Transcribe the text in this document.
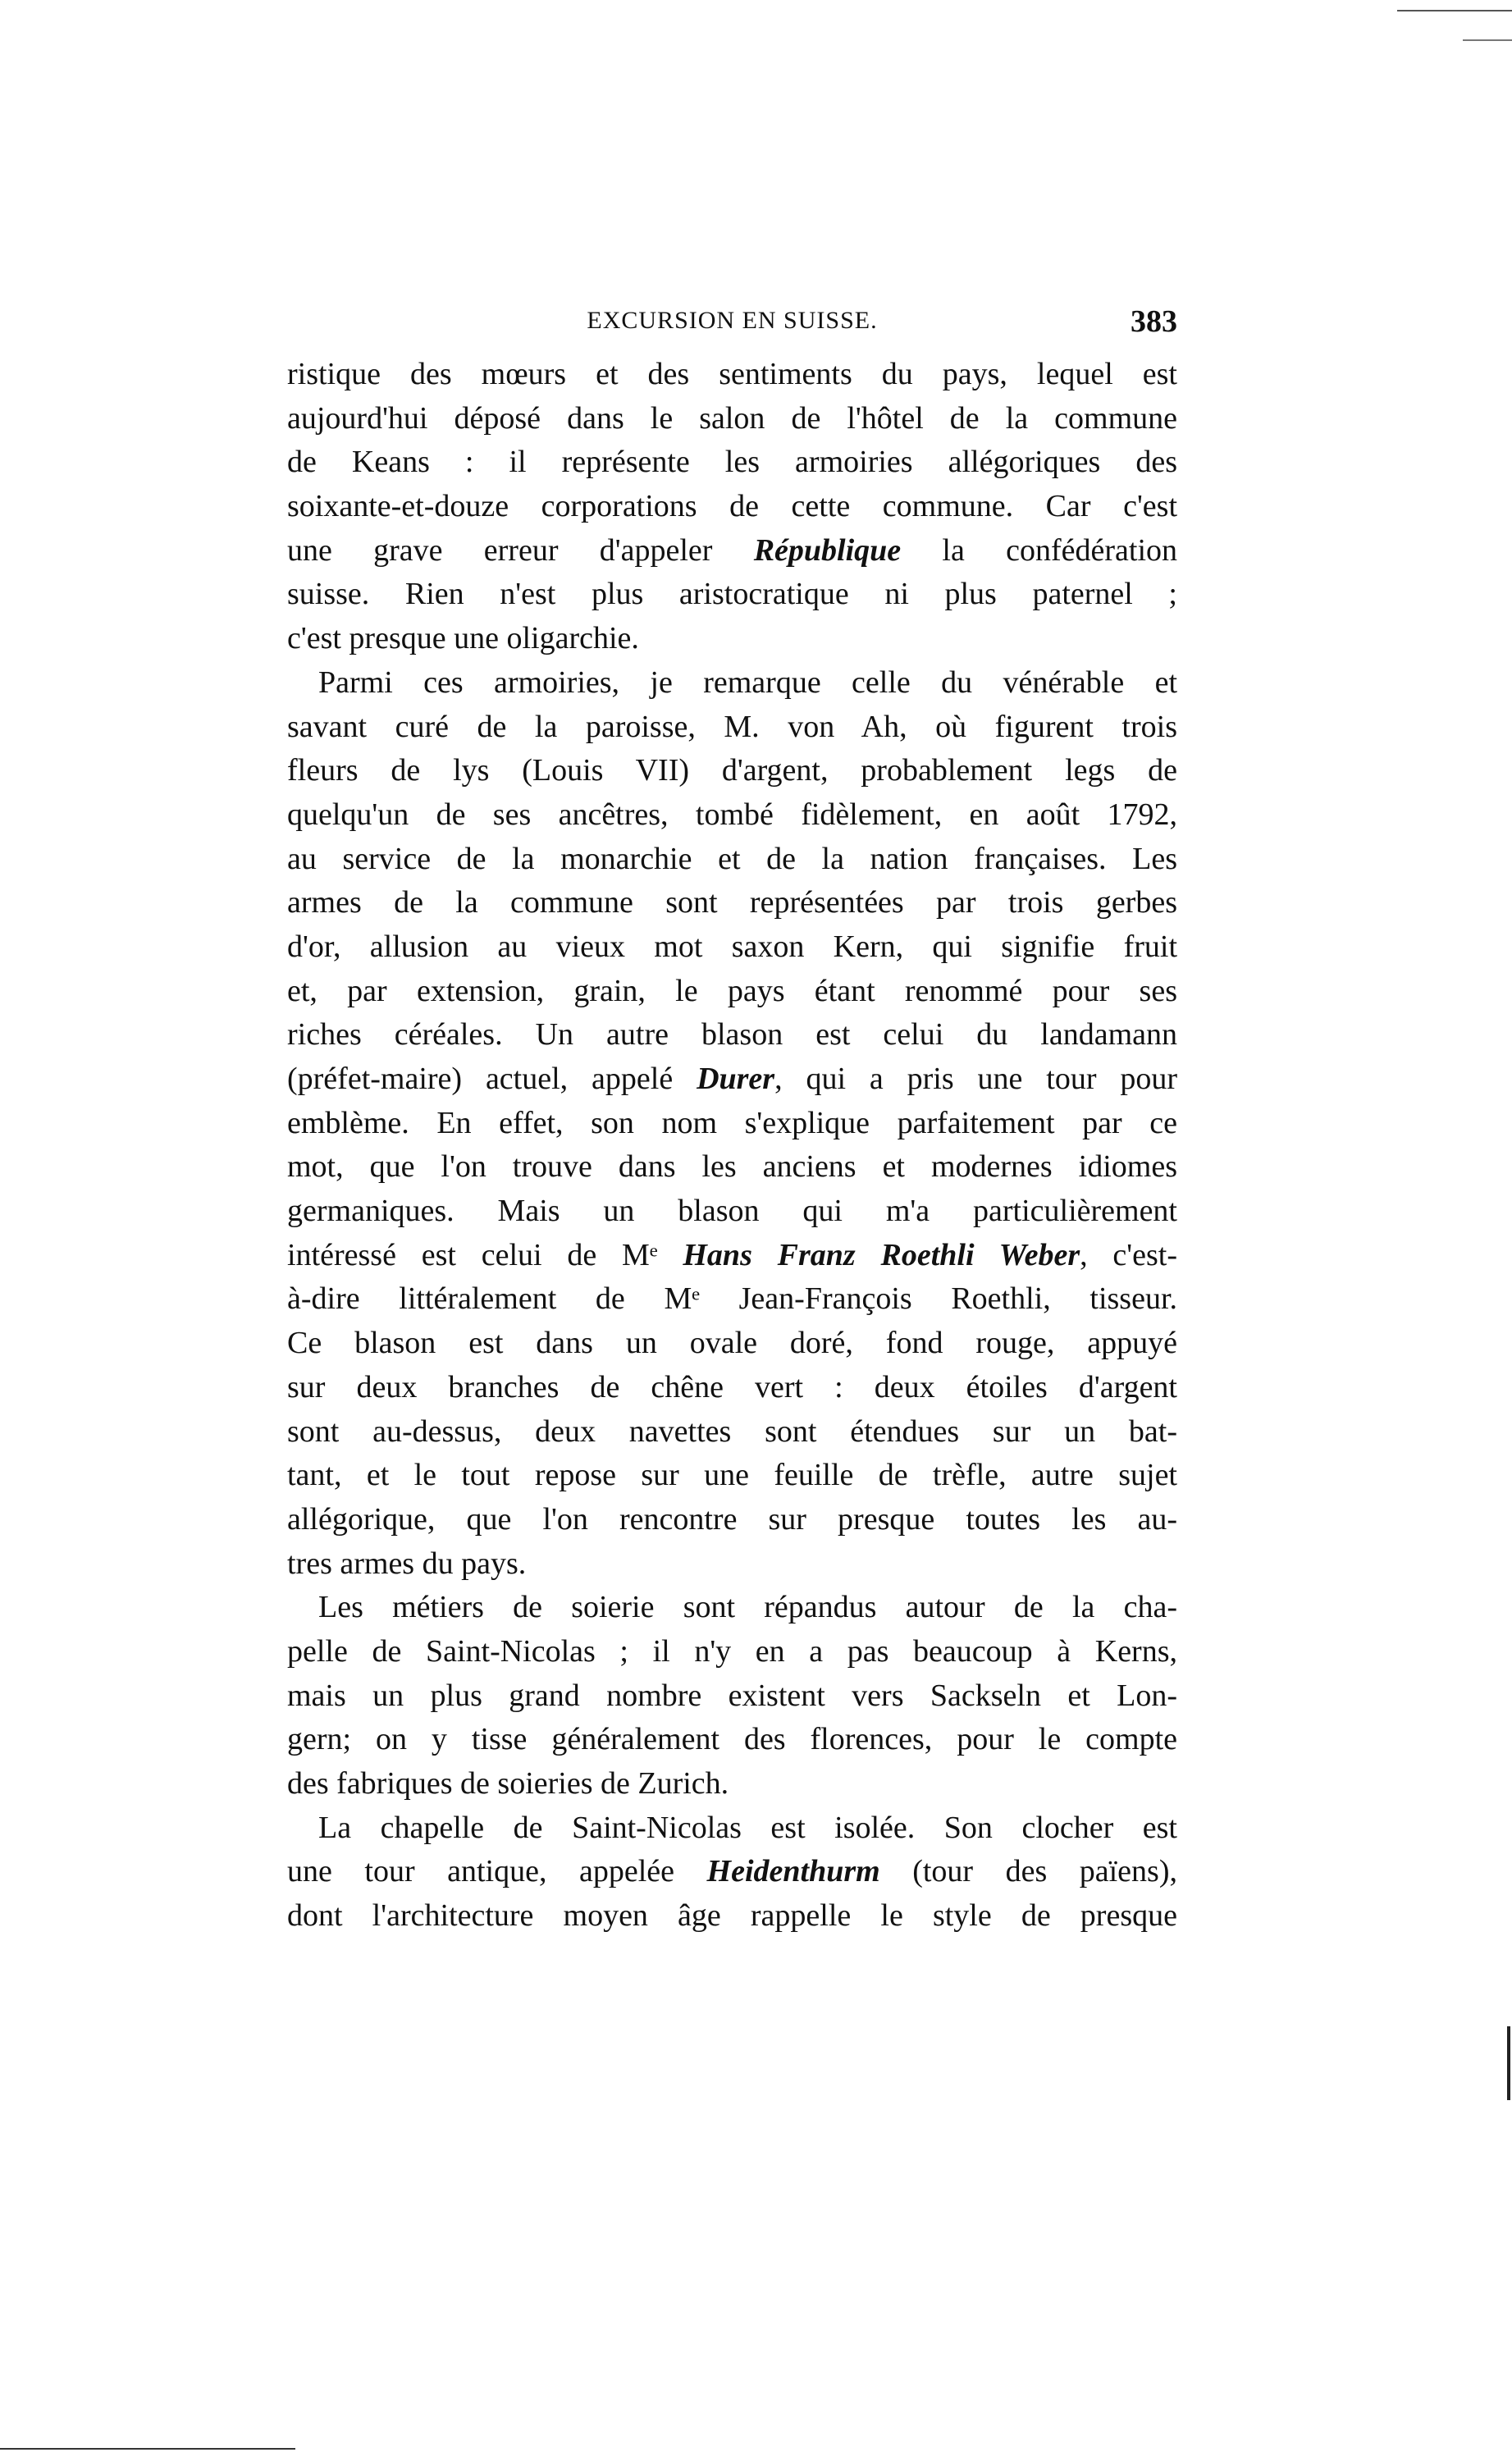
EXCURSION EN SUISSE.	383
ristique des mœurs et des sentiments du pays, lequel est
aujourd'hui déposé dans le salon de l'hôtel de la commune
de Keans : il représente les armoiries allégoriques des
soixante-et-douze corporations de cette commune. Car c'est
une grave erreur d'appeler République la confédération
suisse. Rien n'est plus aristocratique ni plus paternel ;
c'est presque une oligarchie.
Parmi ces armoiries, je remarque celle du vénérable et
savant curé de la paroisse, M. von Ah, où figurent trois
fleurs de lys (Louis VII) d'argent, probablement legs de
quelqu'un de ses ancêtres, tombé fidèlement, en août 1792,
au service de la monarchie et de la nation françaises. Les
armes de la commune sont représentées par trois gerbes
d'or, allusion au vieux mot saxon Kern, qui signifie fruit
et, par extension, grain, le pays étant renommé pour ses
riches céréales. Un autre blason est celui du landamann
(préfet-maire) actuel, appelé Durer, qui a pris une tour pour
emblème. En effet, son nom s'explique parfaitement par ce
mot, que l'on trouve dans les anciens et modernes idiomes
germaniques. Mais un blason qui m'a particulièrement
intéressé est celui de Mᵉ Hans Franz Roethli Weber, c'est-
à-dire littéralement de Mᵉ Jean-François Roethli, tisseur.
Ce blason est dans un ovale doré, fond rouge, appuyé
sur deux branches de chêne vert : deux étoiles d'argent
sont au-dessus, deux navettes sont étendues sur un bat-
tant, et le tout repose sur une feuille de trèfle, autre sujet
allégorique, que l'on rencontre sur presque toutes les au-
tres armes du pays.
Les métiers de soierie sont répandus autour de la cha-
pelle de Saint-Nicolas ; il n'y en a pas beaucoup à Kerns,
mais un plus grand nombre existent vers Sackseln et Lon-
gern; on y tisse généralement des florences, pour le compte
des fabriques de soieries de Zurich.
La chapelle de Saint-Nicolas est isolée. Son clocher est
une tour antique, appelée Heidenthurm (tour des païens),
dont l'architecture moyen âge rappelle le style de presque
